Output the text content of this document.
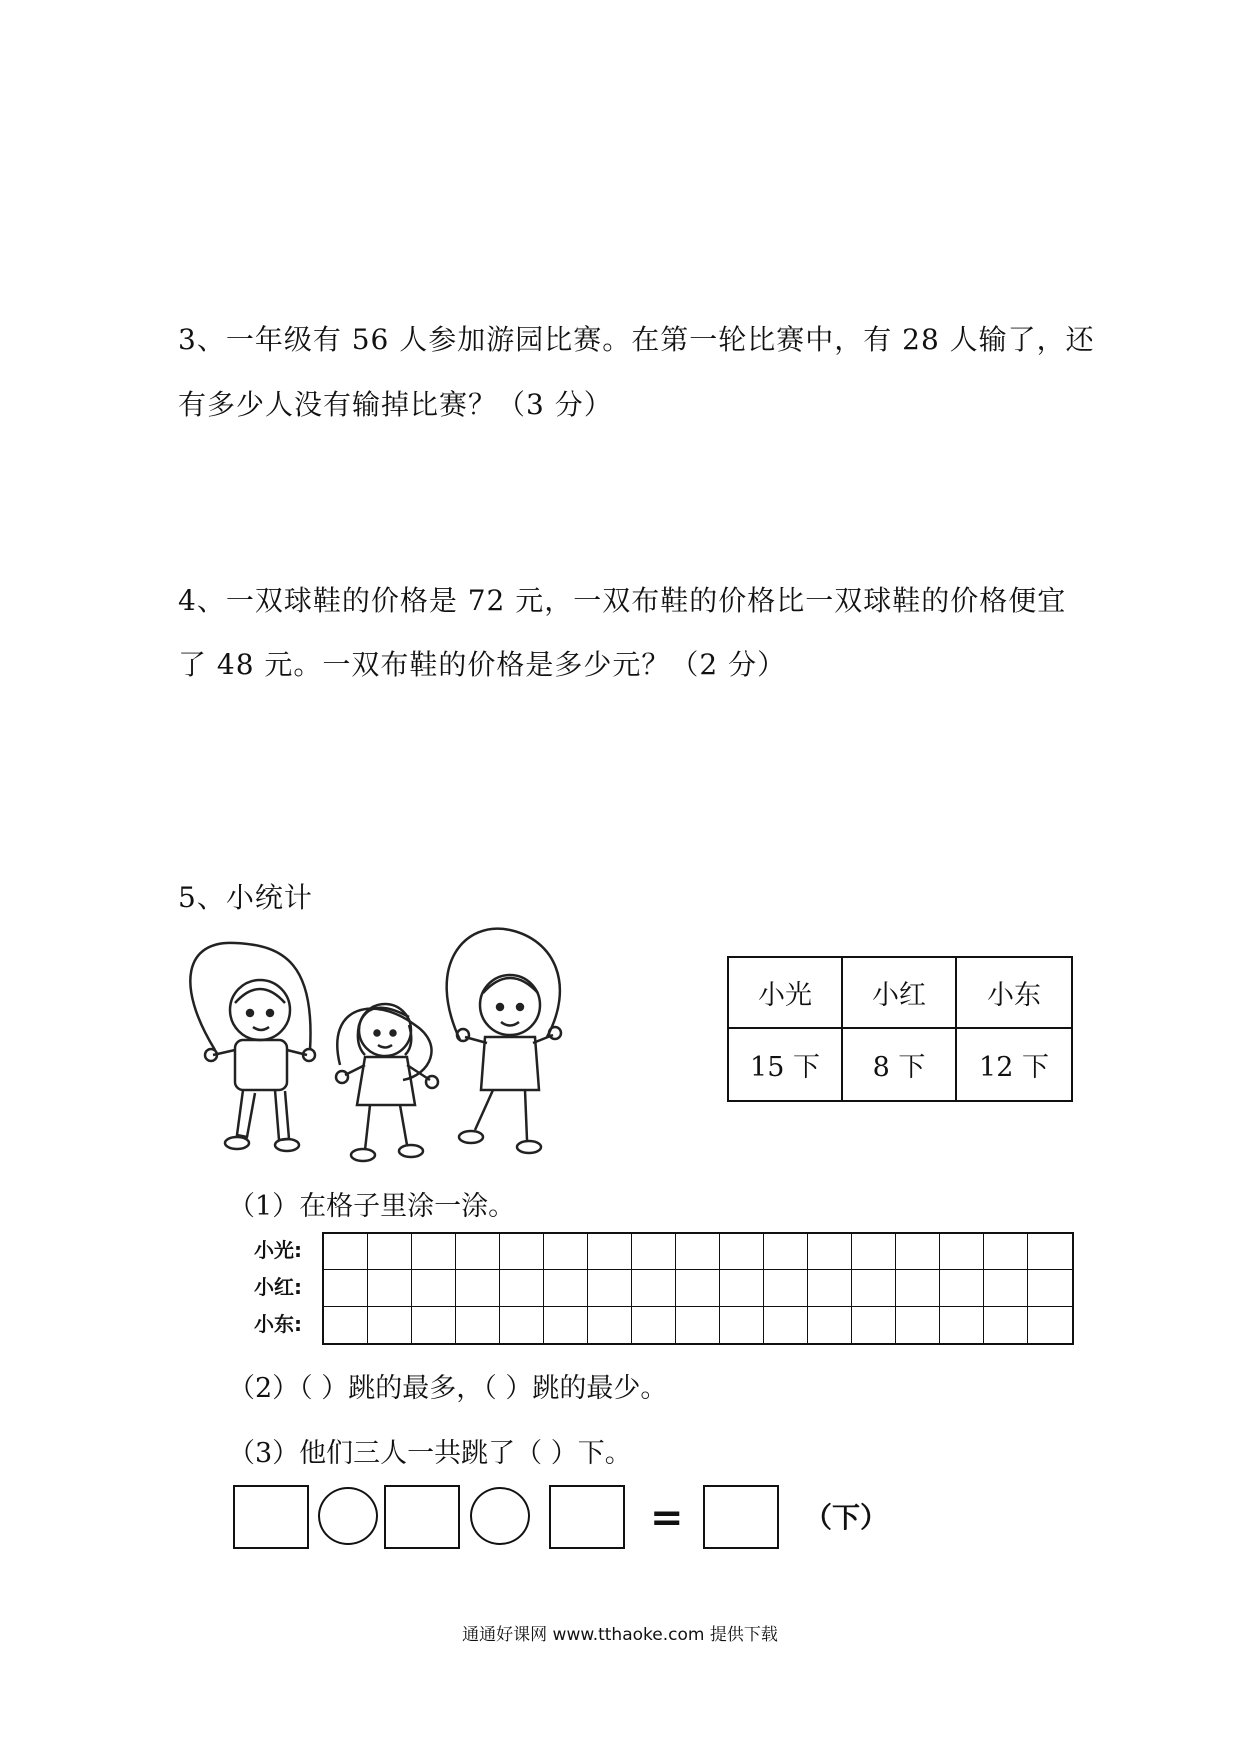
3、一年级有 56 人参加游园比赛。在第一轮比赛中，有 28 人输了，还
有多少人没有输掉比赛？（3 分）
4、一双球鞋的价格是 72 元，一双布鞋的价格比一双球鞋的价格便宜
了 48 元。一双布鞋的价格是多少元？（2 分）
5、小统计
小光	小红	小东
15 下	8 下	12 下
（1）在格子里涂一涂。
小光:
小红:
小东:
（2）（ ）跳的最多，（ ）跳的最少。
（3）他们三人一共跳了（ ）下。
=	（下）
通通好课网 www.tthaoke.com 提供下载
